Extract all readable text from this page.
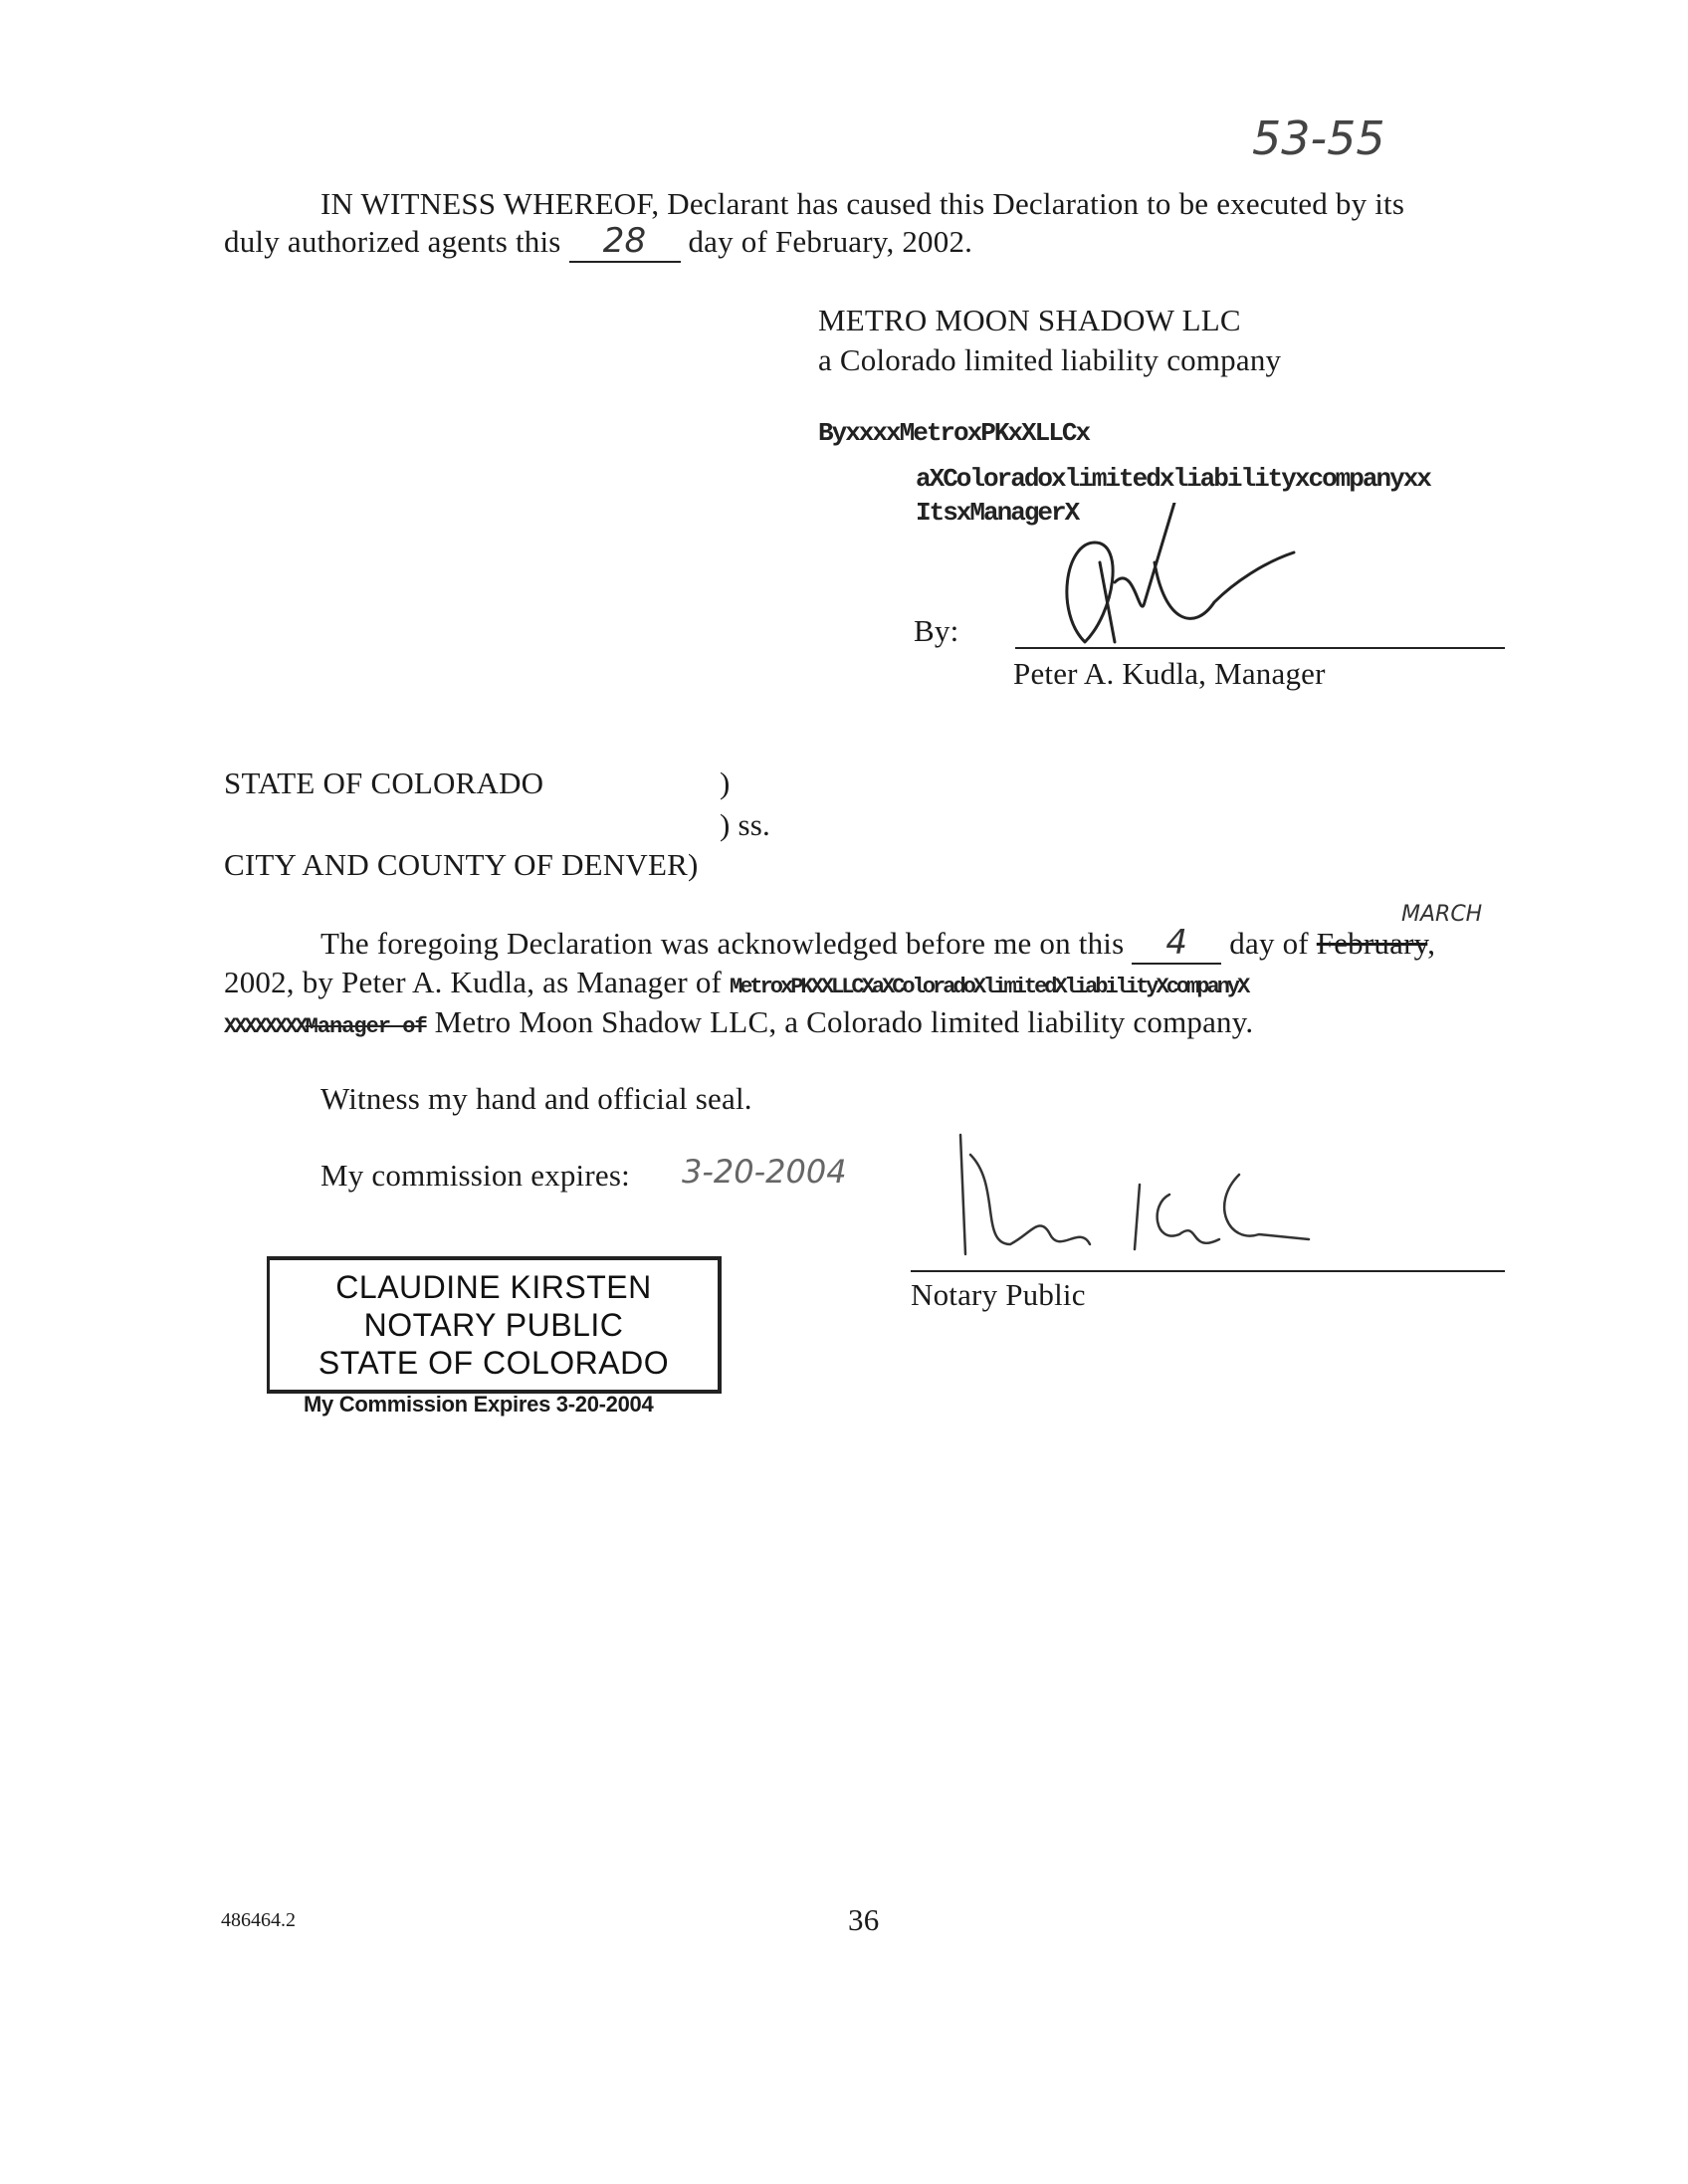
53-55
IN WITNESS WHEREOF, Declarant has caused this Declaration to be executed by its
duly authorized agents this 28 day of February, 2002.
METRO MOON SHADOW LLC
a Colorado limited liability company
ByxxxxMetroxPKxXLLCx
aXColoradoxlimitedxliabilityxcompanyxx
ItsxManagerX
By:
Peter A. Kudla, Manager
STATE OF COLORADO	)
) ss.
CITY AND COUNTY OF DENVER)
MARCH
The foregoing Declaration was acknowledged before me on this 4 day of February,
2002, by Peter A. Kudla, as Manager of MetroxPKXXLLCXaXColoradoXlimitedXliabilityXcompanyX
XXXXXXXXManager of Metro Moon Shadow LLC, a Colorado limited liability company.
Witness my hand and official seal.
My commission expires: 3-20-2004
Notary Public
CLAUDINE KIRSTEN
NOTARY PUBLIC
STATE OF COLORADO
My Commission Expires 3-20-2004
486464.2	36
